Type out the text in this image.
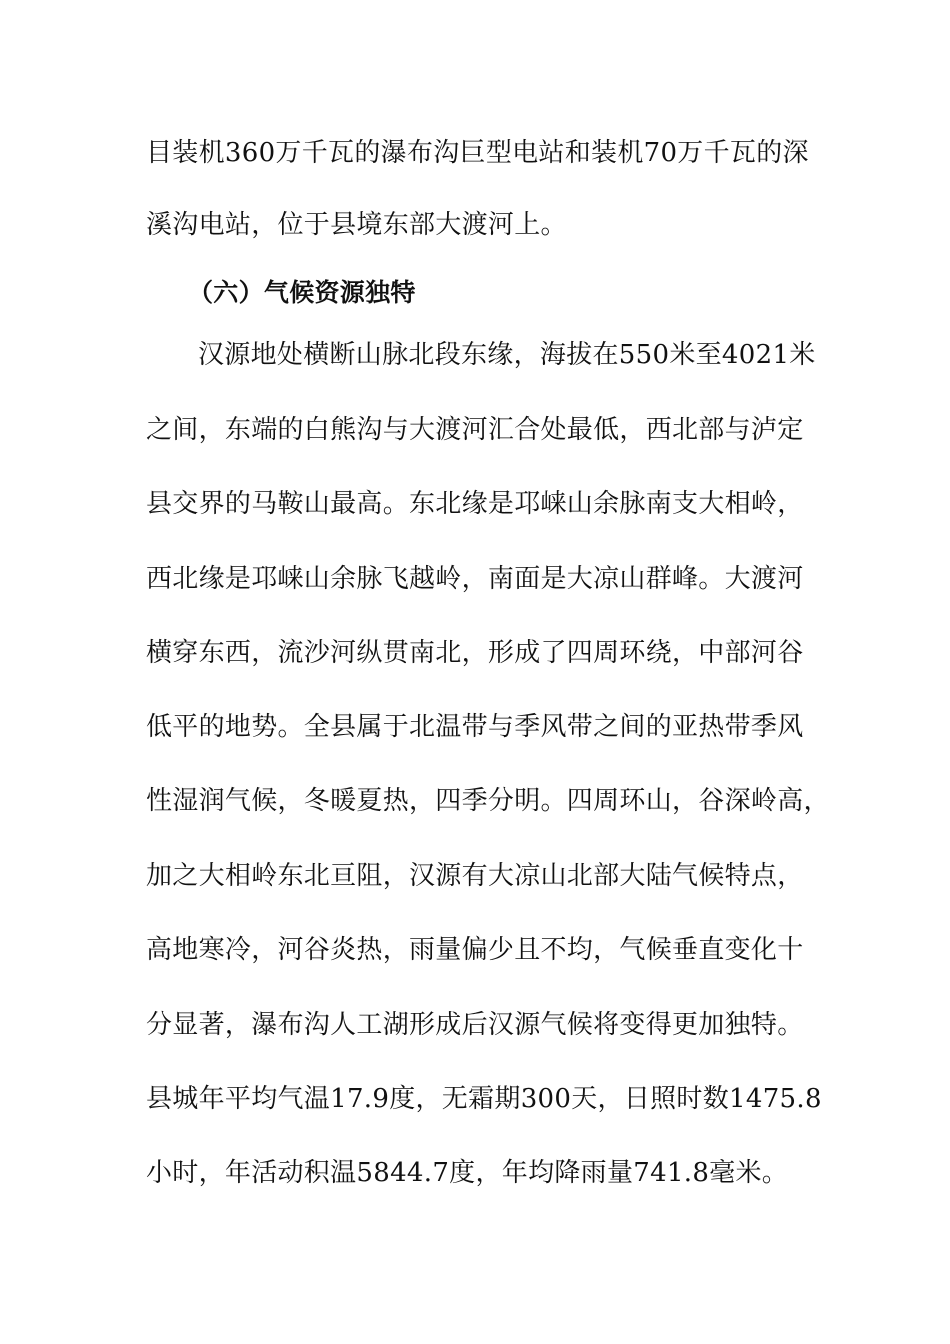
目装机360万千瓦的瀑布沟巨型电站和装机70万千瓦的深
溪沟电站，位于县境东部大渡河上。
（六）气候资源独特
汉源地处横断山脉北段东缘，海拔在550米至4021米
之间，东端的白熊沟与大渡河汇合处最低，西北部与泸定
县交界的马鞍山最高。东北缘是邛崃山余脉南支大相岭，
西北缘是邛崃山余脉飞越岭，南面是大凉山群峰。大渡河
横穿东西，流沙河纵贯南北，形成了四周环绕，中部河谷
低平的地势。全县属于北温带与季风带之间的亚热带季风
性湿润气候，冬暖夏热，四季分明。四周环山，谷深岭高，
加之大相岭东北亘阻，汉源有大凉山北部大陆气候特点，
高地寒冷，河谷炎热，雨量偏少且不均，气候垂直变化十
分显著，瀑布沟人工湖形成后汉源气候将变得更加独特。
县城年平均气温17.9度，无霜期300天，日照时数1475.8
小时，年活动积温5844.7度，年均降雨量741.8毫米。
